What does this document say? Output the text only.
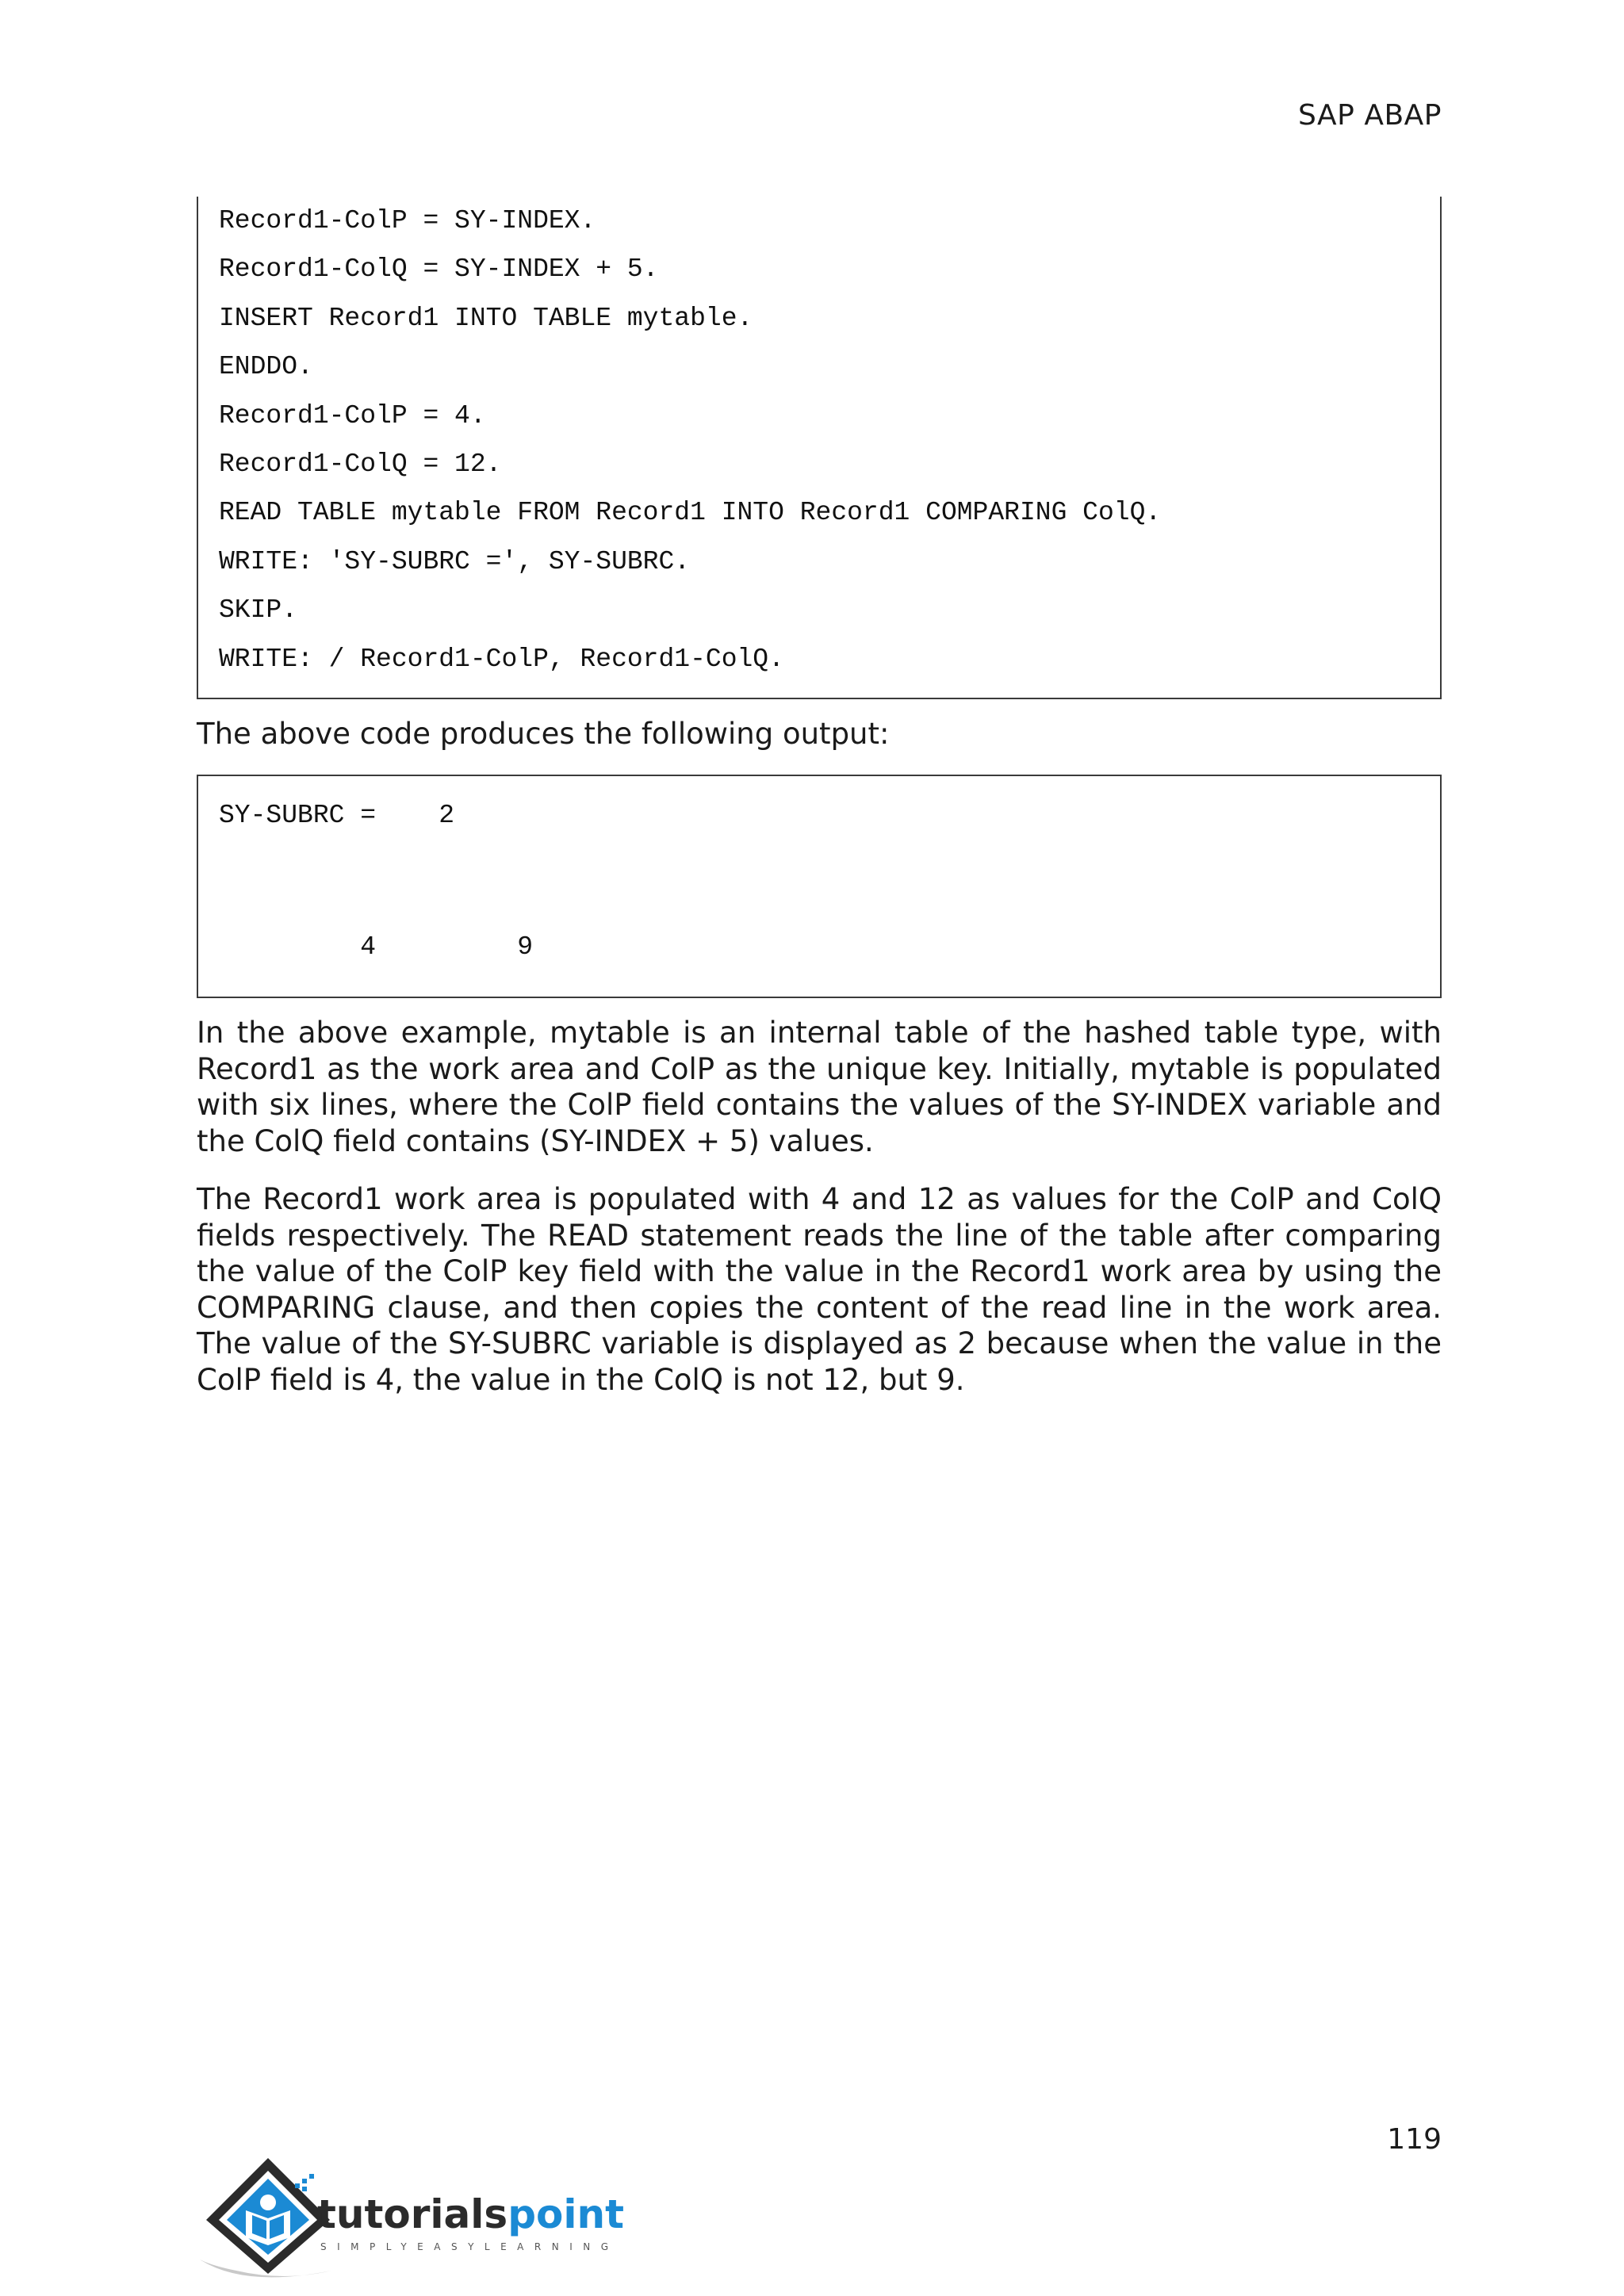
SAP ABAP
Record1-ColP = SY-INDEX.
Record1-ColQ = SY-INDEX + 5.
INSERT Record1 INTO TABLE mytable.
ENDDO.
Record1-ColP = 4.
Record1-ColQ = 12.
READ TABLE mytable FROM Record1 INTO Record1 COMPARING ColQ.
WRITE: 'SY-SUBRC =', SY-SUBRC.
SKIP.
WRITE: / Record1-ColP, Record1-ColQ.
The above code produces the following output:
SY-SUBRC =    2
4         9
In the above example, mytable is an internal table of the hashed table type, with Record1 as the work area and ColP as the unique key. Initially, mytable is populated with six lines, where the ColP field contains the values of the SY-INDEX variable and the ColQ field contains (SY-INDEX + 5) values.
The Record1 work area is populated with 4 and 12 as values for the ColP and ColQ fields respectively. The READ statement reads the line of the table after comparing the value of the ColP key field with the value in the Record1 work area by using the COMPARING clause, and then copies the content of the read line in the work area. The value of the SY-SUBRC variable is displayed as 2 because when the value in the ColP field is 4, the value in the ColQ is not 12, but 9.
119
tutorialspoint
SIMPLYEASYLEARNING
